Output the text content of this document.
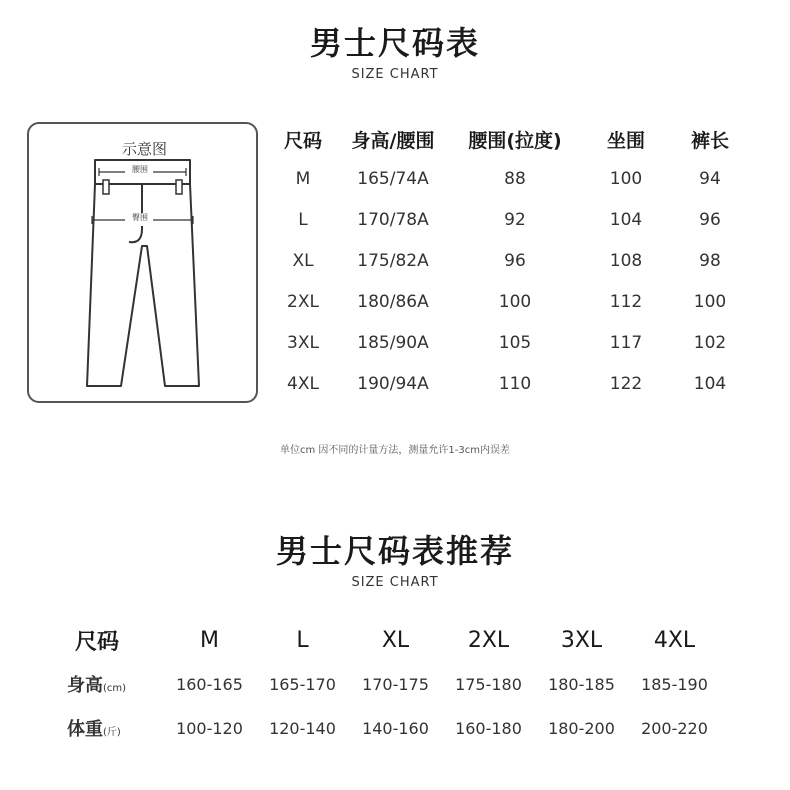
男士尺码表
SIZE CHART
示意图
腰围
臀围
尺码	身高/腰围	腰围(拉度)	坐围	裤长
M	165/74A	88	100	94
L	170/78A	92	104	96
XL	175/82A	96	108	98
2XL	180/86A	100	112	100
3XL	185/90A	105	117	102
4XL	190/94A	110	122	104
单位cm 因不同的计量方法，测量允许1-3cm内误差
男士尺码表推荐
SIZE CHART
尺码	M	L	XL	2XL	3XL	4XL
身高(cm)	160-165	165-170	170-175	175-180	180-185	185-190
体重(斤)	100-120	120-140	140-160	160-180	180-200	200-220
